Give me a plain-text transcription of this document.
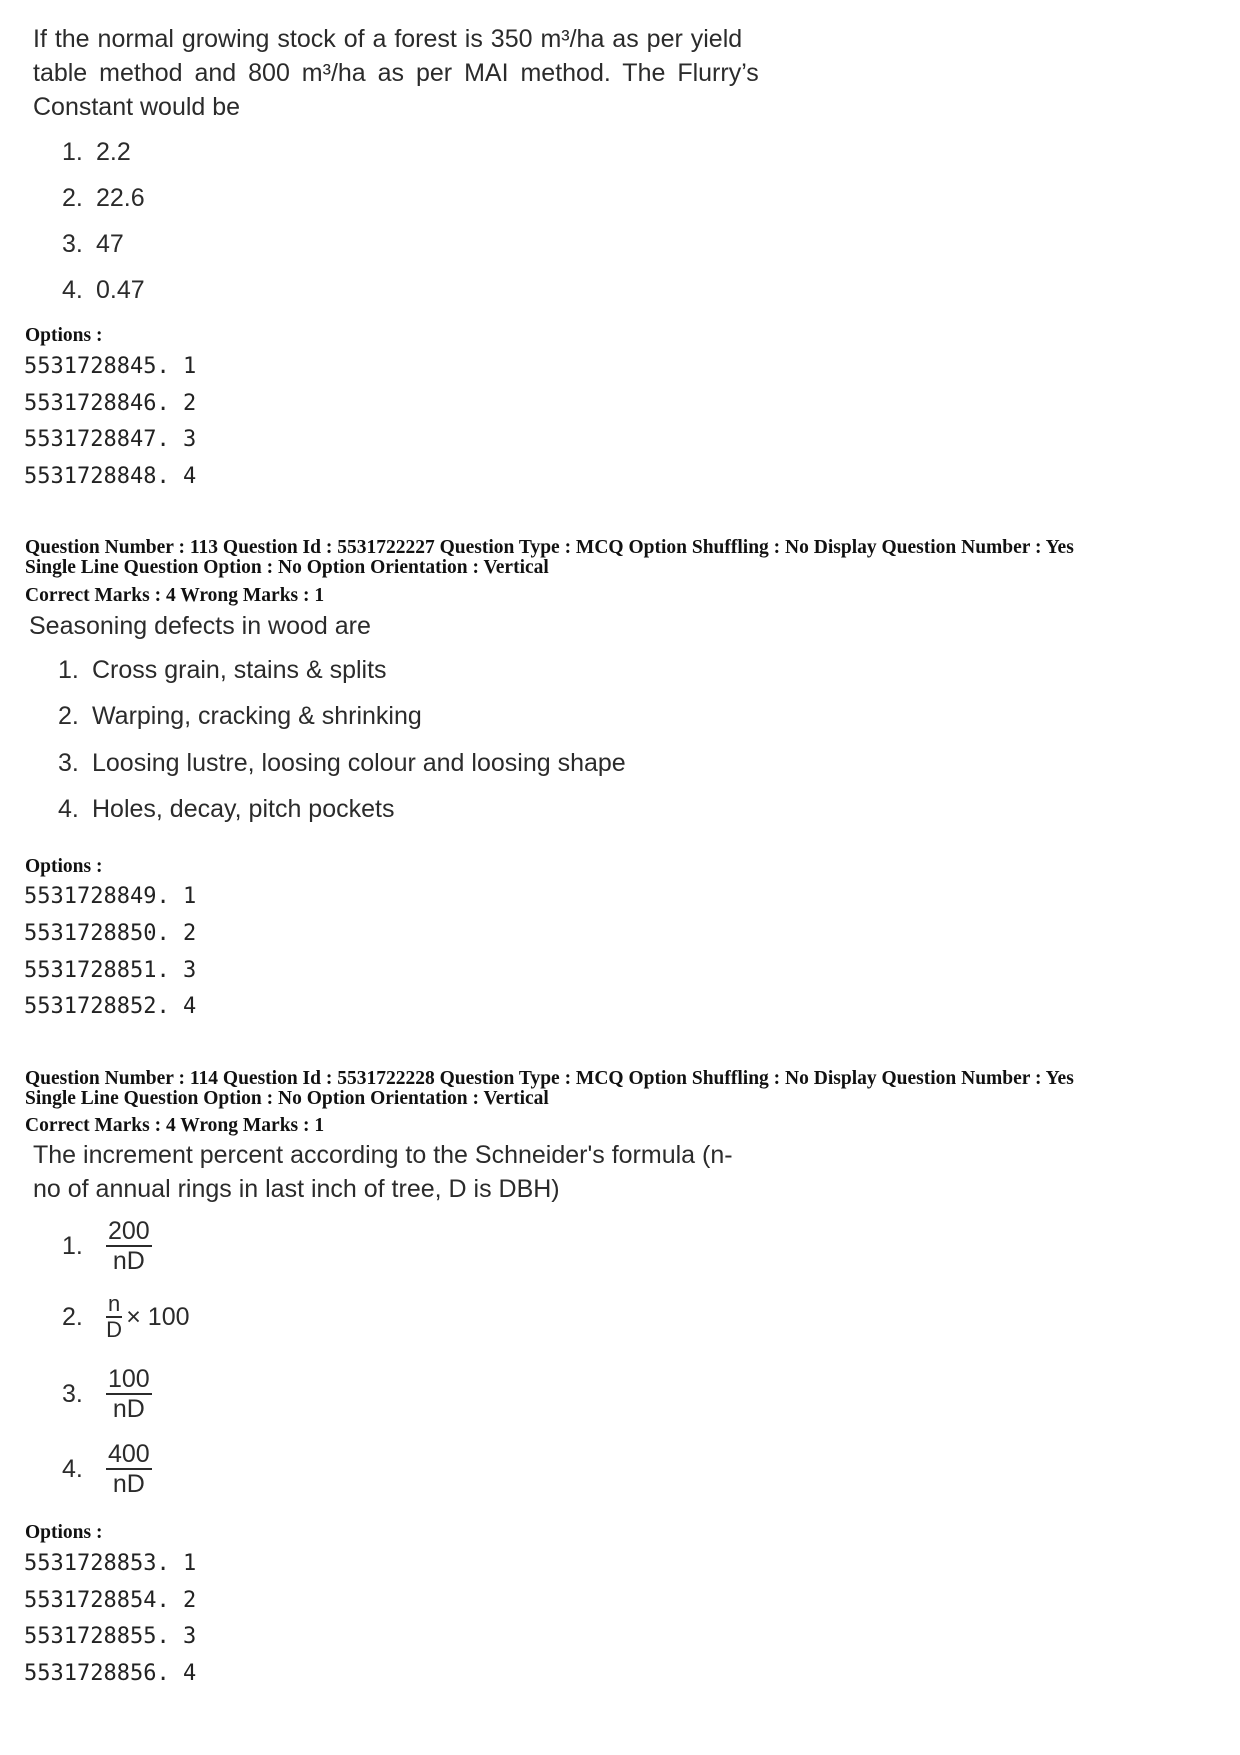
If the normal growing stock of a forest is 350 m³/ha as per yield
table method and 800 m³/ha as per MAI method. The Flurry’s
Constant would be
1. 2.2
2. 22.6
3. 47
4. 0.47
Options :
5531728845. 1
5531728846. 2
5531728847. 3
5531728848. 4
Question Number : 113 Question Id : 5531722227 Question Type : MCQ Option Shuffling : No Display Question Number : Yes
Single Line Question Option : No Option Orientation : Vertical
Correct Marks : 4 Wrong Marks : 1
Seasoning defects in wood are
1. Cross grain, stains & splits
2. Warping, cracking & shrinking
3. Loosing lustre, loosing colour and loosing shape
4. Holes, decay, pitch pockets
Options :
5531728849. 1
5531728850. 2
5531728851. 3
5531728852. 4
Question Number : 114 Question Id : 5531722228 Question Type : MCQ Option Shuffling : No Display Question Number : Yes
Single Line Question Option : No Option Orientation : Vertical
Correct Marks : 4 Wrong Marks : 1
The increment percent according to the Schneider's formula (n-
no of annual rings in last inch of tree, D is DBH)
1. $\frac{200}{nD}$
2.	$\frac{n}{D} \times 100$
3. $\frac{100}{nD}$
4. $\frac{400}{nD}$
Options :
5531728853. 1
5531728854. 2
5531728855. 3
5531728856. 4
